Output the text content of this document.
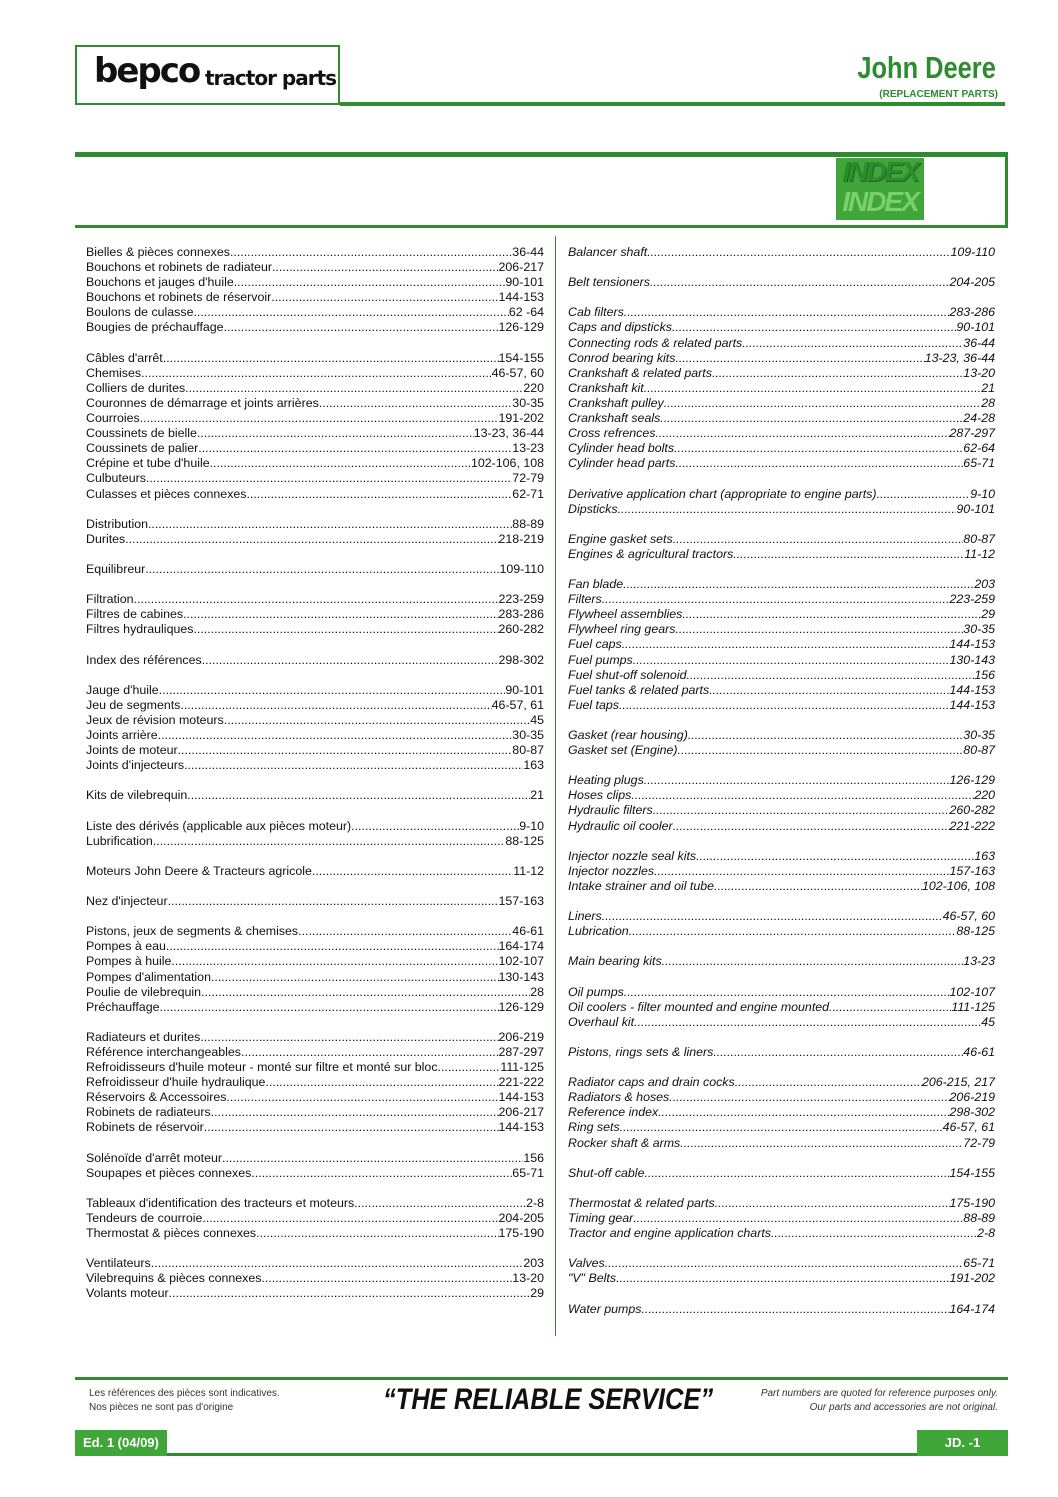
bepco tractor parts	John Deere
(REPLACEMENT PARTS)
INDEX
INDEX
Bielles & pièces connexes .....	36-44
Bouchons et robinets de radiateur .....	206-217
Bouchons et jauges d'huile .....	90-101
Bouchons et robinets de réservoir .....	144-153
Boulons de culasse .....	62 -64
Bougies de préchauffage .....	126-129
Câbles d'arrêt .....	154-155
Chemises .....	46-57, 60
Colliers de durites .....	220
Couronnes de démarrage et joints arrières .....	30-35
Courroies .....	191-202
Coussinets de bielle .....	13-23, 36-44
Coussinets de palier .....	13-23
Crépine et tube d'huile .....	102-106, 108
Culbuteurs .....	72-79
Culasses et pièces connexes .....	62-71
Distribution .....	88-89
Durites .....	218-219
Equilibreur .....	109-110
Filtration .....	223-259
Filtres de cabines .....	283-286
Filtres hydrauliques .....	260-282
Index des références .....	298-302
Jauge d'huile .....	90-101
Jeu de segments .....	46-57, 61
Jeux de révision moteurs .....	45
Joints arrière .....	30-35
Joints de moteur .....	80-87
Joints d'injecteurs .....	163
Kits de vilebrequin .....	21
Liste des dérivés (applicable aux pièces moteur) .....	9-10
Lubrification .....	88-125
Moteurs John Deere & Tracteurs agricole .....	11-12
Nez d'injecteur .....	157-163
Pistons, jeux de segments & chemises .....	46-61
Pompes à eau .....	164-174
Pompes à huile .....	102-107
Pompes d'alimentation .....	130-143
Poulie de vilebrequin .....	28
Préchauffage .....	126-129
Radiateurs et durites .....	206-219
Référence interchangeables .....	287-297
Refroidisseurs d'huile moteur - monté sur filtre et monté sur bloc .....	111-125
Refroidisseur d'huile hydraulique .....	221-222
Réservoirs & Accessoires .....	144-153
Robinets de radiateurs .....	206-217
Robinets de réservoir .....	144-153
Solénoïde d'arrêt moteur .....	156
Soupapes et pièces connexes .....	65-71
Tableaux d'identification des tracteurs et moteurs .....	2-8
Tendeurs de courroie .....	204-205
Thermostat & pièces connexes .....	175-190
Ventilateurs .....	203
Vilebrequins & pièces connexes .....	13-20
Volants moteur .....	29
Balancer shaft .....	109-110
Belt tensioners .....	204-205
Cab filters .....	283-286
Caps and dipsticks .....	90-101
Connecting rods & related parts .....	36-44
Conrod bearing kits .....	13-23, 36-44
Crankshaft & related parts .....	13-20
Crankshaft kit .....	21
Crankshaft pulley .....	28
Crankshaft seals .....	24-28
Cross refrences .....	287-297
Cylinder head bolts .....	62-64
Cylinder head parts .....	65-71
Derivative application chart (appropriate to engine parts) .....	9-10
Dipsticks .....	90-101
Engine gasket sets .....	80-87
Engines & agricultural tractors .....	11-12
Fan blade .....	203
Filters .....	223-259
Flywheel assemblies .....	29
Flywheel ring gears .....	30-35
Fuel caps .....	144-153
Fuel pumps .....	130-143
Fuel shut-off solenoid .....	156
Fuel tanks & related parts .....	144-153
Fuel taps .....	144-153
Gasket (rear housing) .....	30-35
Gasket set (Engine) .....	80-87
Heating plugs .....	126-129
Hoses clips .....	220
Hydraulic filters .....	260-282
Hydraulic oil cooler .....	221-222
Injector nozzle seal kits .....	163
Injector nozzles .....	157-163
Intake strainer and oil tube .....	102-106, 108
Liners .....	46-57, 60
Lubrication .....	88-125
Main bearing kits .....	13-23
Oil pumps .....	102-107
Oil coolers - filter mounted and engine mounted .....	111-125
Overhaul kit .....	45
Pistons, rings sets & liners .....	46-61
Radiator caps and drain cocks .....	206-215, 217
Radiators & hoses .....	206-219
Reference index .....	298-302
Ring sets .....	46-57, 61
Rocker shaft & arms .....	72-79
Shut-off cable .....	154-155
Thermostat & related parts .....	175-190
Timing gear .....	88-89
Tractor and engine application charts .....	2-8
Valves .....	65-71
"V" Belts .....	191-202
Water pumps .....	164-174
Les références des pièces sont indicatives.
Nos pièces ne sont pas d'origine	“THE RELIABLE SERVICE”	Part numbers are quoted for reference purposes only.
Our parts and accessories are not original.
Ed. 1 (04/09)	JD. -1
